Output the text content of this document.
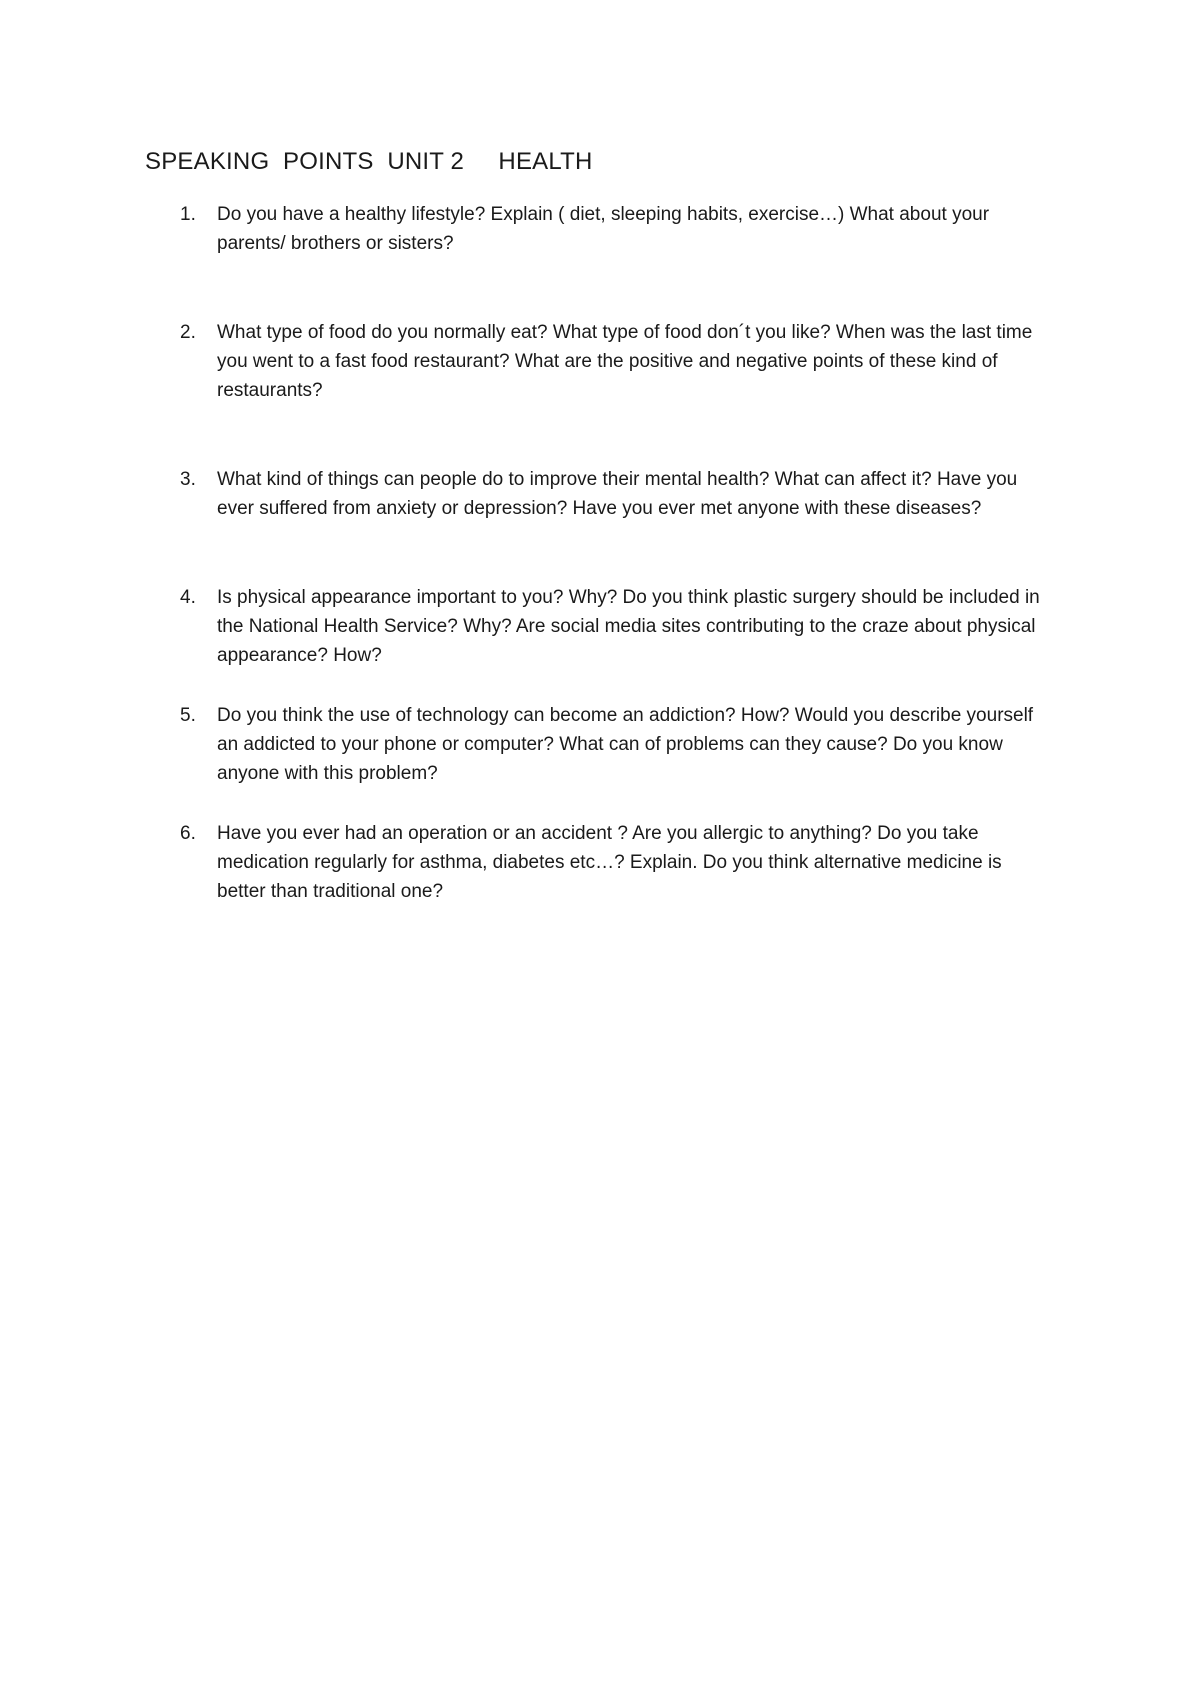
SPEAKING  POINTS  UNIT 2     HEALTH
1. Do you have a healthy lifestyle? Explain ( diet, sleeping habits, exercise…) What about your parents/ brothers or sisters?

2. What type of food do you normally eat? What type of food don´t you like? When was the last time you went to a fast food restaurant? What are the positive and negative points of these kind of restaurants?

3. What kind of things can people do to improve their mental health? What can affect it? Have you ever suffered from anxiety or depression? Have you ever met anyone with these diseases?

4. Is physical appearance important to you? Why? Do you think plastic surgery should be included in the National Health Service? Why? Are social media sites contributing to the craze about physical appearance? How?

5. Do you think the use of technology can become an addiction? How? Would you describe yourself an addicted to your phone or computer? What can of problems can they cause? Do you know anyone with this problem?

6. Have you ever had an operation or an accident ? Are you allergic to anything? Do you take medication regularly for asthma, diabetes etc…? Explain. Do you think alternative medicine is better than traditional one?
